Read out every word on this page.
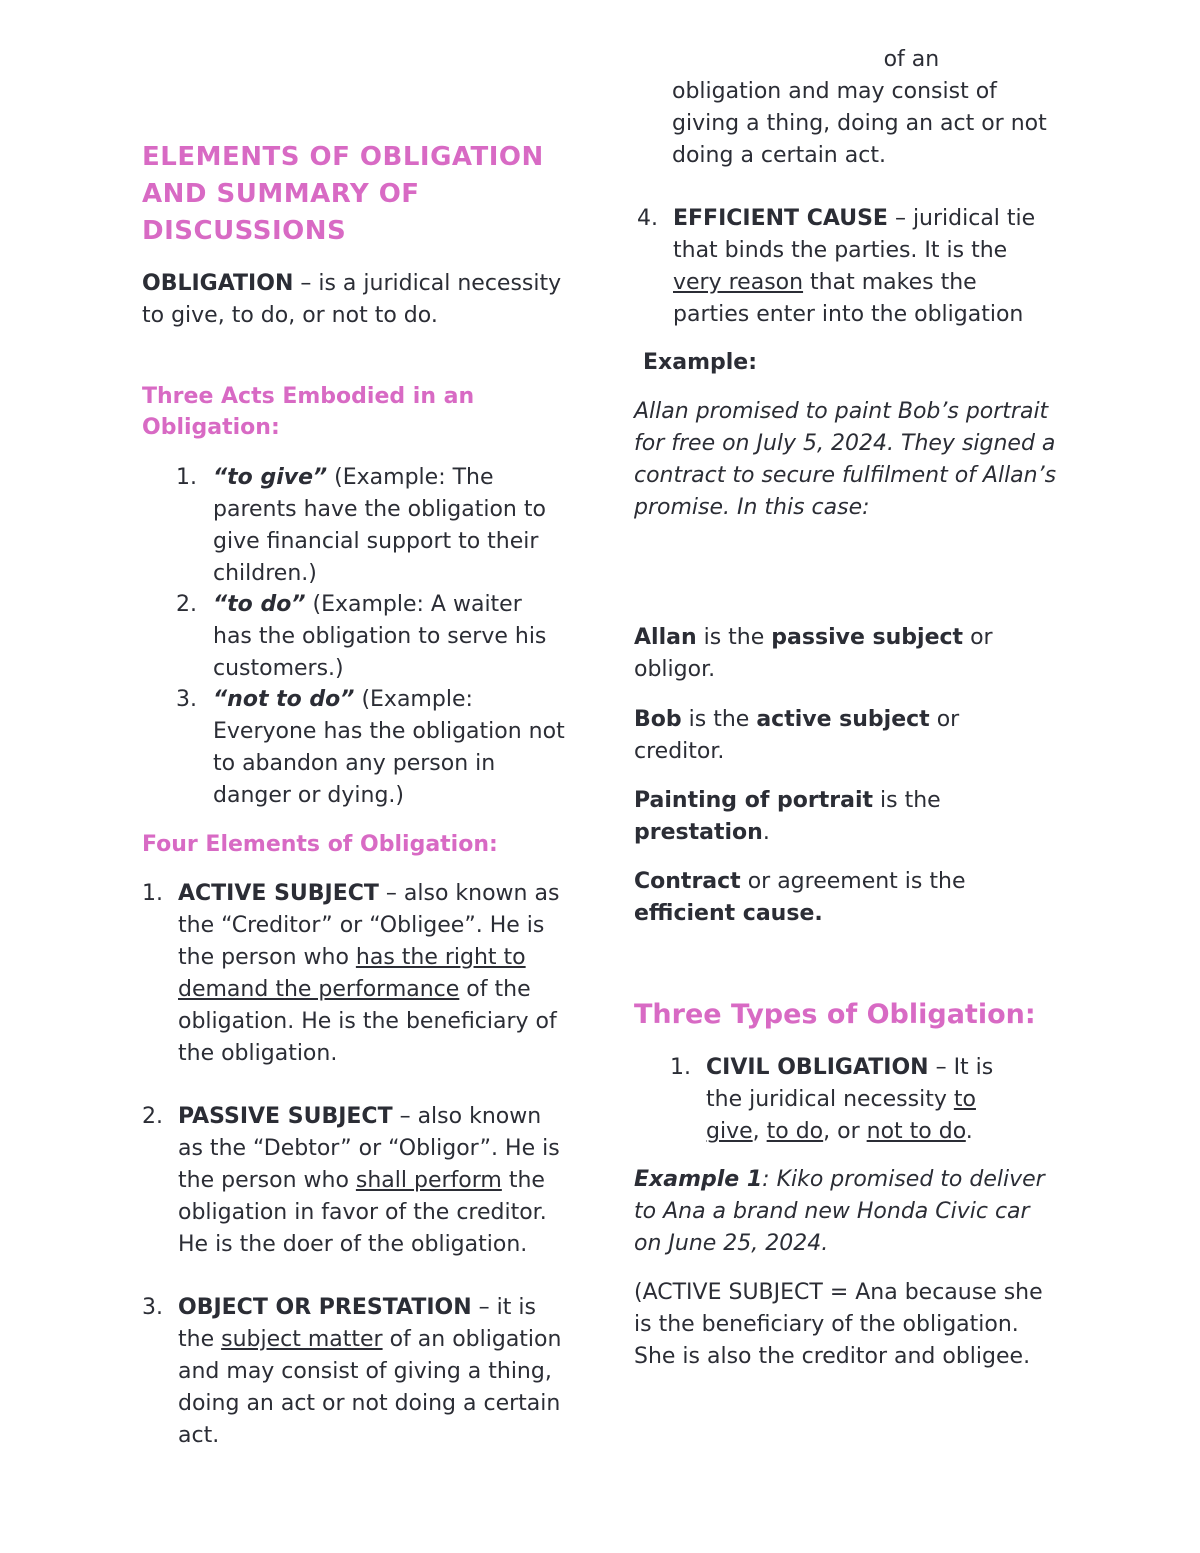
ELEMENTS OF OBLIGATION AND SUMMARY OF DISCUSSIONS

OBLIGATION – is a juridical necessity to give, to do, or not to do.

Three Acts Embodied in an Obligation:
1. “to give” (Example: The parents have the obligation to give financial support to their children.)
2. “to do” (Example: A waiter has the obligation to serve his customers.)
3. “not to do” (Example: Everyone has the obligation not to abandon any person in danger or dying.)
Four Elements of Obligation:
1. ACTIVE SUBJECT – also known as the “Creditor” or “Obligee”. He is the person who has the right to demand the performance of the obligation. He is the beneficiary of the obligation.
2. PASSIVE SUBJECT – also known as the “Debtor” or “Obligor”. He is the person who shall perform the obligation in favor of the creditor. He is the doer of the obligation.
3. OBJECT OR PRESTATION – it is the subject matter of an obligation and may consist of giving a thing, doing an act or not doing a certain act.
of an obligation and may consist of giving a thing, doing an act or not doing a certain act.
4. EFFICIENT CAUSE – juridical tie that binds the parties. It is the very reason that makes the parties enter into the obligation
Example:

Allan promised to paint Bob’s portrait for free on July 5, 2024. They signed a contract to secure fulfilment of Allan’s promise. In this case:

Allan is the passive subject or obligor.

Bob is the active subject or creditor.

Painting of portrait is the prestation.

Contract or agreement is the efficient cause.

Three Types of Obligation:
1. CIVIL OBLIGATION – It is the juridical necessity to give, to do, or not to do.

Example 1: Kiko promised to deliver to Ana a brand new Honda Civic car on June 25, 2024.

(ACTIVE SUBJECT = Ana because she is the beneficiary of the obligation. She is also the creditor and obligee.
